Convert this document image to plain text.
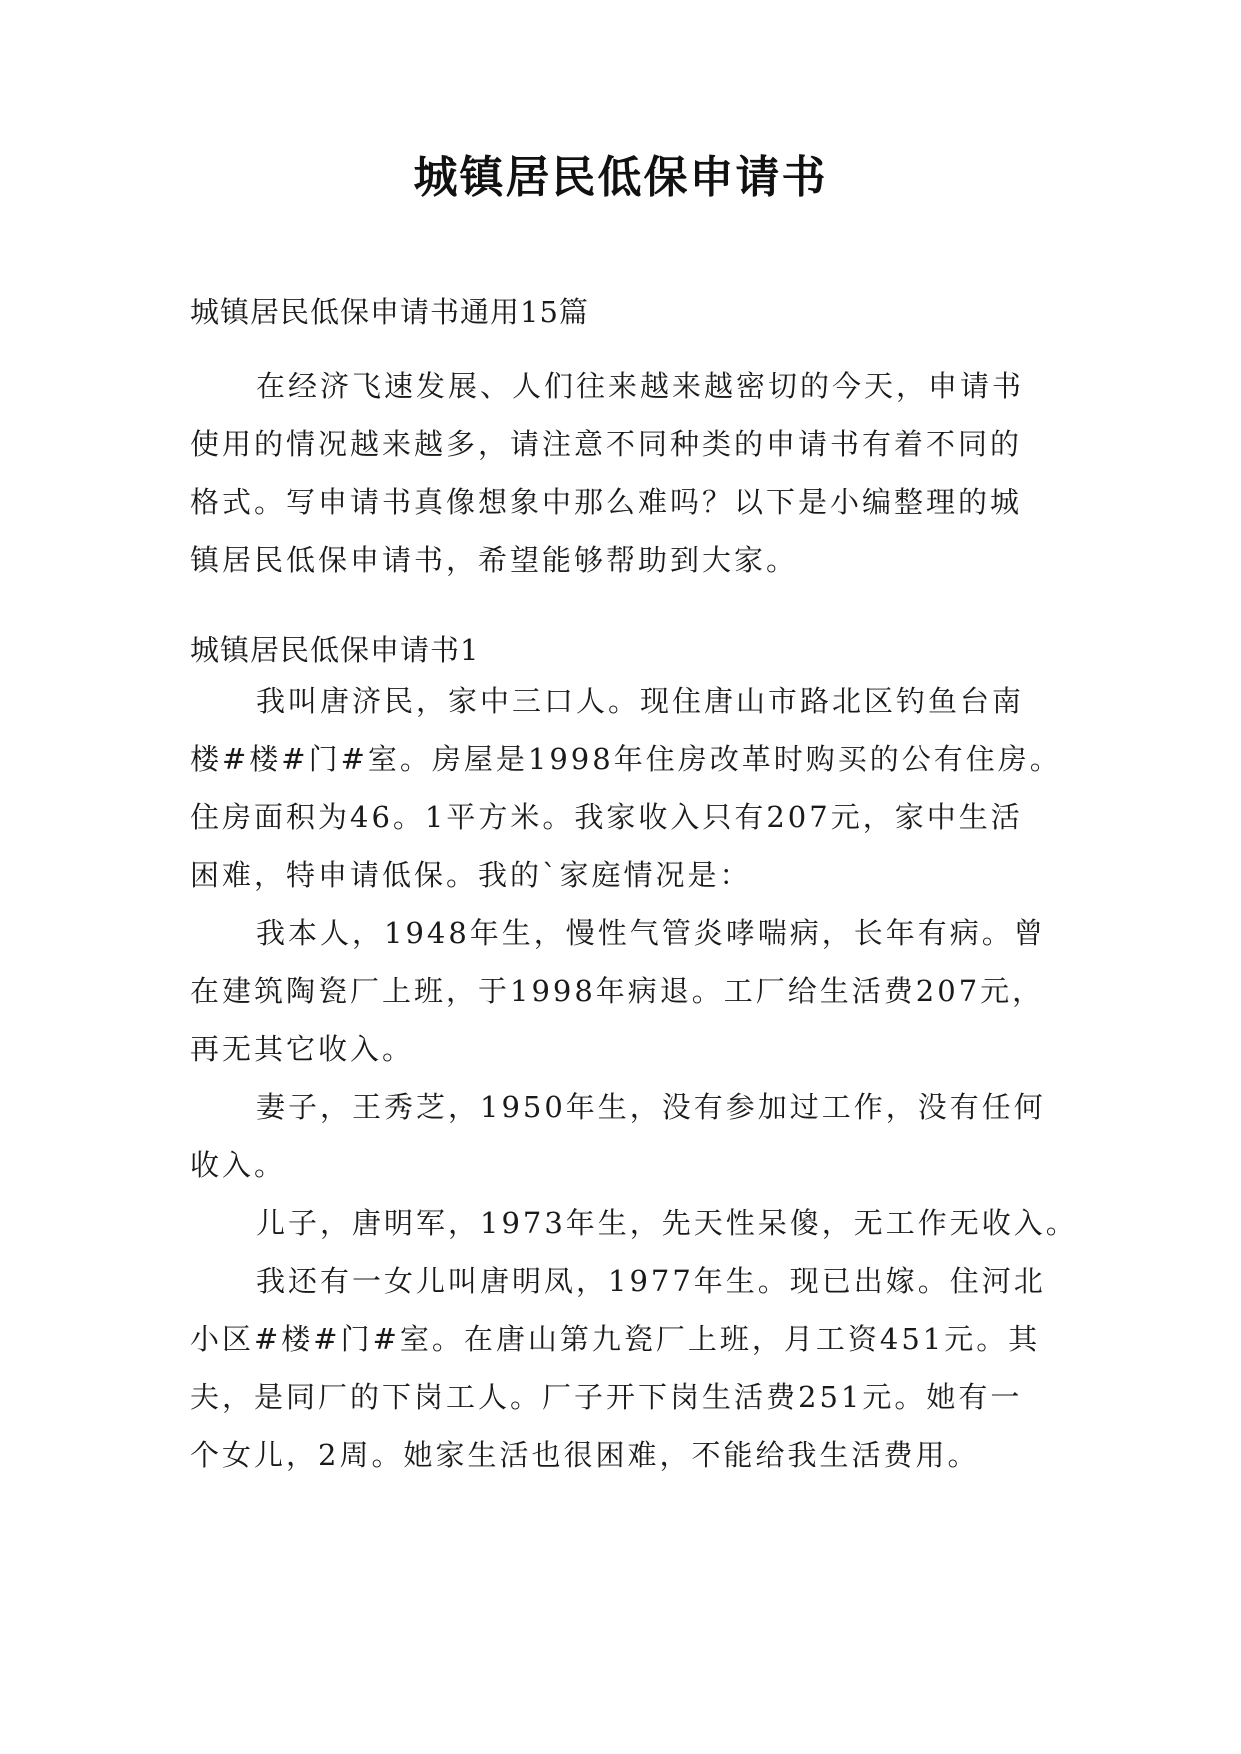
城镇居民低保申请书
城镇居民低保申请书通用15篇
在经济飞速发展、人们往来越来越密切的今天，申请书
使用的情况越来越多，请注意不同种类的申请书有着不同的
格式。写申请书真像想象中那么难吗？以下是小编整理的城
镇居民低保申请书，希望能够帮助到大家。
城镇居民低保申请书1
我叫唐济民，家中三口人。现住唐山市路北区钓鱼台南
楼#楼#门#室。房屋是1998年住房改革时购买的公有住房。
住房面积为46。1平方米。我家收入只有207元，家中生活
困难，特申请低保。我的`家庭情况是：
我本人，1948年生，慢性气管炎哮喘病，长年有病。曾
在建筑陶瓷厂上班，于1998年病退。工厂给生活费207元，
再无其它收入。
妻子，王秀芝，1950年生，没有参加过工作，没有任何
收入。
儿子，唐明军，1973年生，先天性呆傻，无工作无收入。
我还有一女儿叫唐明凤，1977年生。现已出嫁。住河北
小区#楼#门#室。在唐山第九瓷厂上班，月工资451元。其
夫，是同厂的下岗工人。厂子开下岗生活费251元。她有一
个女儿，2周。她家生活也很困难，不能给我生活费用。
